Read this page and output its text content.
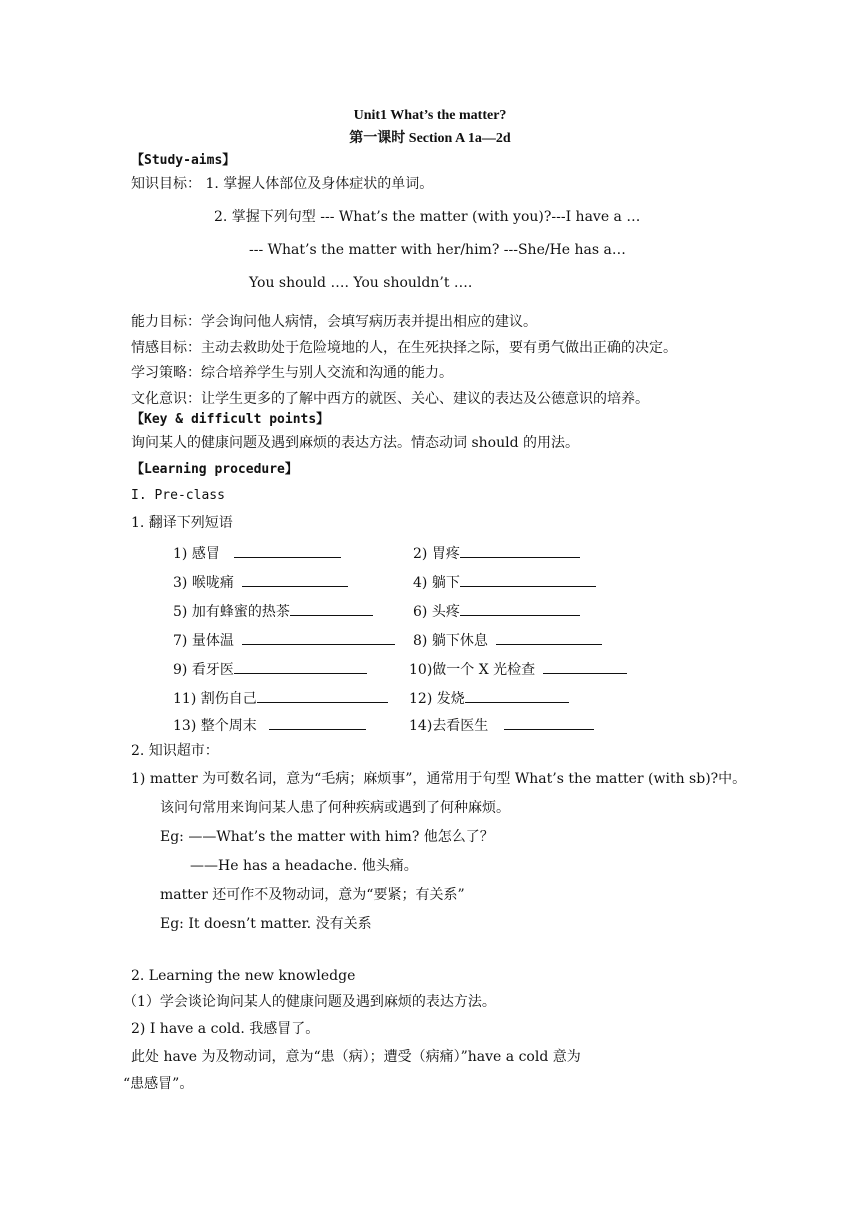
Unit1 What’s the matter?
第一课时 Section A 1a—2d
【Study-aims】
知识目标： 1. 掌握人体部位及身体症状的单词。
2. 掌握下列句型 --- What’s the matter (with you)?---I have a …
--- What’s the matter with her/him? ---She/He has a…
You should …. You shouldn’t ….
能力目标：学会询问他人病情，会填写病历表并提出相应的建议。
情感目标：主动去救助处于危险境地的人，在生死抉择之际，要有勇气做出正确的决定。
学习策略：综合培养学生与别人交流和沟通的能力。
文化意识：让学生更多的了解中西方的就医、关心、建议的表达及公德意识的培养。
【Key & difficult points】
询问某人的健康问题及遇到麻烦的表达方法。情态动词 should 的用法。
【Learning procedure】
I. Pre-class
1. 翻译下列短语
1) 感冒	2) 胃疼
3) 喉咙痛	4) 躺下
5) 加有蜂蜜的热茶	6) 头疼
7) 量体温	8) 躺下休息
9) 看牙医	10)做一个 X 光检查
11) 割伤自己	12) 发烧
13) 整个周末	14)去看医生
2. 知识超市：
1) matter 为可数名词，意为“毛病；麻烦事”，通常用于句型 What’s the matter (with sb)?中。
该问句常用来询问某人患了何种疾病或遇到了何种麻烦。
Eg: ——What’s the matter with him? 他怎么了？
——He has a headache. 他头痛。
matter 还可作不及物动词，意为“要紧；有关系”
Eg: It doesn’t matter. 没有关系
2. Learning the new knowledge
（1）学会谈论询问某人的健康问题及遇到麻烦的表达方法。
2) I have a cold. 我感冒了。
此处 have 为及物动词，意为“患（病）；遭受（病痛）”have a cold 意为
“患感冒”。
